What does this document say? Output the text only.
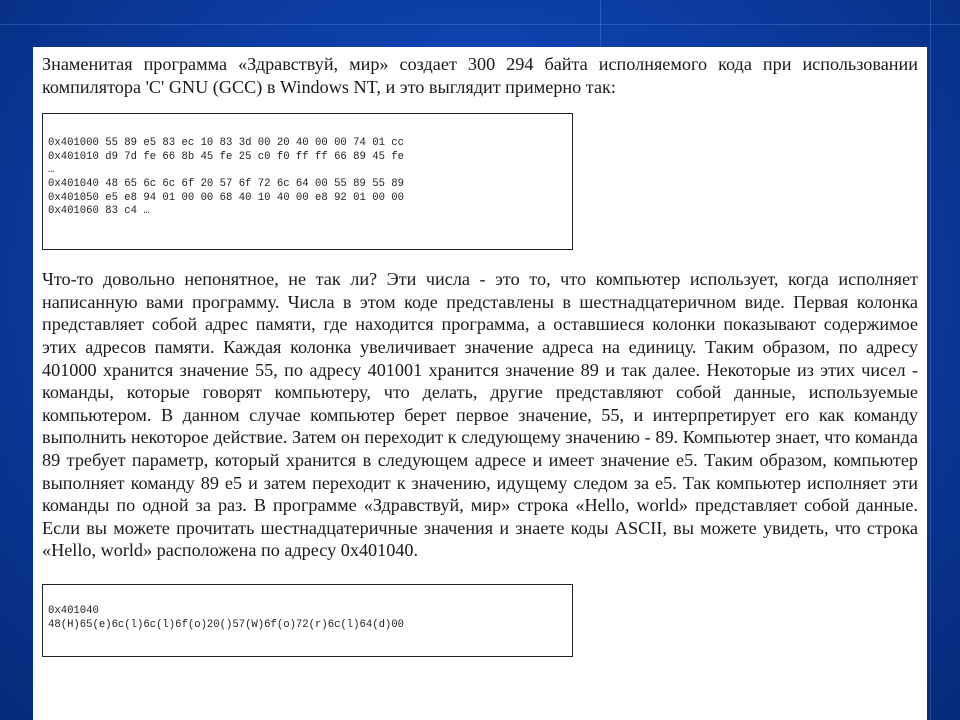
Знаменитая программа «Здравствуй, мир» создает 300 294 байта исполняемого кода при использовании компилятора 'C' GNU (GCC) в Windows NT, и это выглядит примерно так:

0x401000 55 89 e5 83 ec 10 83 3d 00 20 40 00 00 74 01 cc
0x401010 d9 7d fe 66 8b 45 fe 25 c0 f0 ff ff 66 89 45 fe
…
0x401040 48 65 6c 6c 6f 20 57 6f 72 6c 64 00 55 89 55 89
0x401050 e5 e8 94 01 00 00 68 40 10 40 00 e8 92 01 00 00
0x401060 83 c4 …

Что-то довольно непонятное, не так ли? Эти числа - это то, что компьютер использует, когда исполняет написанную вами программу. Числа в этом коде представлены в шестнадцатеричном виде. Первая колонка представляет собой адрес памяти, где находится программа, а оставшиеся колонки показывают содержимое этих адресов памяти. Каждая колонка увеличивает значение адреса на единицу. Таким образом, по адресу 401000 хранится значение 55, по адресу 401001 хранится значение 89 и так далее. Некоторые из этих чисел - команды, которые говорят компьютеру, что делать, другие представляют собой данные, используемые компьютером. В данном случае компьютер берет первое значение, 55, и интерпретирует его как команду выполнить некоторое действие. Затем он переходит к следующему значению - 89. Компьютер знает, что команда 89 требует параметр, который хранится в следующем адресе и имеет значение e5. Таким образом, компьютер выполняет команду 89 e5 и затем переходит к значению, идущему следом за e5. Так компьютер исполняет эти команды по одной за раз. В программе «Здравствуй, мир» строка «Hello, world» представляет собой данные. Если вы можете прочитать шестнадцатеричные значения и знаете коды ASCII, вы можете увидеть, что строка «Hello, world» расположена по адресу 0x401040.

0x401040
48(H)65(e)6c(l)6c(l)6f(o)20()57(W)6f(o)72(r)6c(l)64(d)00
